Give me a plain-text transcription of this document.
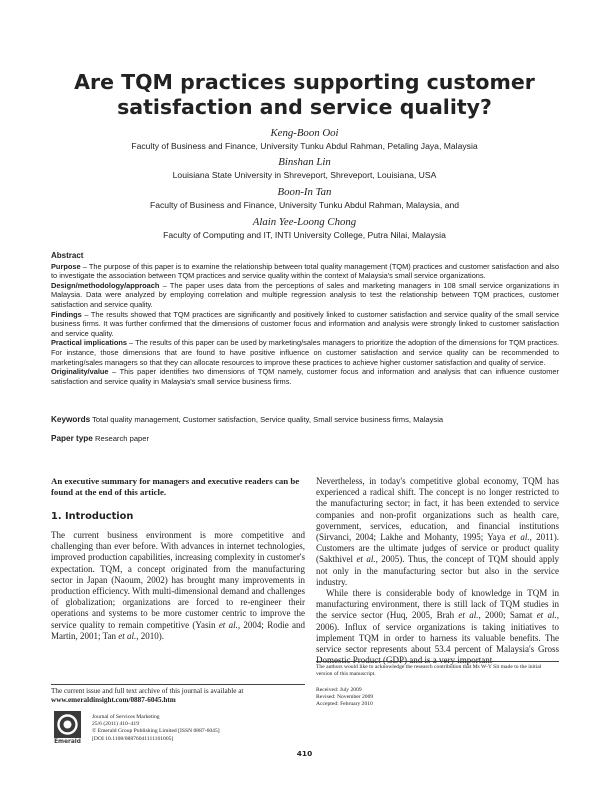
Are TQM practices supporting customer
satisfaction and service quality?
Keng-Boon Ooi
Faculty of Business and Finance, University Tunku Abdul Rahman, Petaling Jaya, Malaysia
Binshan Lin
Louisiana State University in Shreveport, Shreveport, Louisiana, USA
Boon-In Tan
Faculty of Business and Finance, University Tunku Abdul Rahman, Malaysia, and
Alain Yee-Loong Chong
Faculty of Computing and IT, INTI University College, Putra Nilai, Malaysia
Abstract

Purpose – The purpose of this paper is to examine the relationship between total quality management (TQM) practices and customer satisfaction and also to investigate the association between TQM practices and service quality within the context of Malaysia's small service organizations.

Design/methodology/approach – The paper uses data from the perceptions of sales and marketing managers in 108 small service organizations in Malaysia. Data were analyzed by employing correlation and multiple regression analysis to test the relationship between TQM practices, customer satisfaction and service quality.

Findings – The results showed that TQM practices are significantly and positively linked to customer satisfaction and service quality of the small service business firms. It was further confirmed that the dimensions of customer focus and information and analysis were strongly linked to customer satisfaction and service quality.

Practical implications – The results of this paper can be used by marketing/sales managers to prioritize the adoption of the dimensions for TQM practices. For instance, those dimensions that are found to have positive influence on customer satisfaction and service quality can be recommended to marketing/sales managers so that they can allocate resources to improve these practices to achieve higher customer satisfaction and quality of service.

Originality/value – This paper identifies two dimensions of TQM namely, customer focus and information and analysis that can influence customer satisfaction and service quality in Malaysia's small service business firms.

Keywords Total quality management, Customer satisfaction, Service quality, Small service business firms, Malaysia
Paper type Research paper
An executive summary for managers and executive readers can be found at the end of this article.
1. Introduction

The current business environment is more competitive and challenging than ever before. With advances in internet technologies, improved production capabilities, increasing complexity in customer's expectation. TQM, a concept originated from the manufacturing sector in Japan (Naoum, 2002) has brought many improvements in production efficiency. With multi-dimensional demand and challenges of globalization; organizations are forced to re-engineer their operations and systems to be more customer centric to improve the service quality to remain competitive (Yasin et al., 2004; Rodie and Martin, 2001; Tan et al., 2010).

The current issue and full text archive of this journal is available at
www.emeraldinsight.com/0887-6045.htm
Emerald
Journal of Services Marketing
25/6 (2011) 410–419
© Emerald Group Publishing Limited [ISSN 0887-6045]
[DOI 10.1108/08876041111161005]

Nevertheless, in today's competitive global economy, TQM has experienced a radical shift. The concept is no longer restricted to the manufacturing sector; in fact, it has been extended to service companies and non-profit organizations such as health care, government, services, education, and financial institutions (Sirvanci, 2004; Lakhe and Mohanty, 1995; Yaya et al., 2011). Customers are the ultimate judges of service or product quality (Sakthivel et al., 2005). Thus, the concept of TQM should apply not only in the manufacturing sector but also in the service industry.

While there is considerable body of knowledge in TQM in manufacturing environment, there is still lack of TQM studies in the service sector (Huq, 2005, Brah et al., 2000; Samat et al., 2006). Influx of service organizations is taking initiatives to implement TQM in order to harness its valuable benefits. The service sector represents about 53.4 percent of Malaysia's Gross Domestic Product (GDP) and is a very important

The authors would like to acknowledge the research contribution that Ms W-Y Sit made to the initial version of this manuscript.
Received: July 2009
Revised: November 2009
Accepted: February 2010
410
